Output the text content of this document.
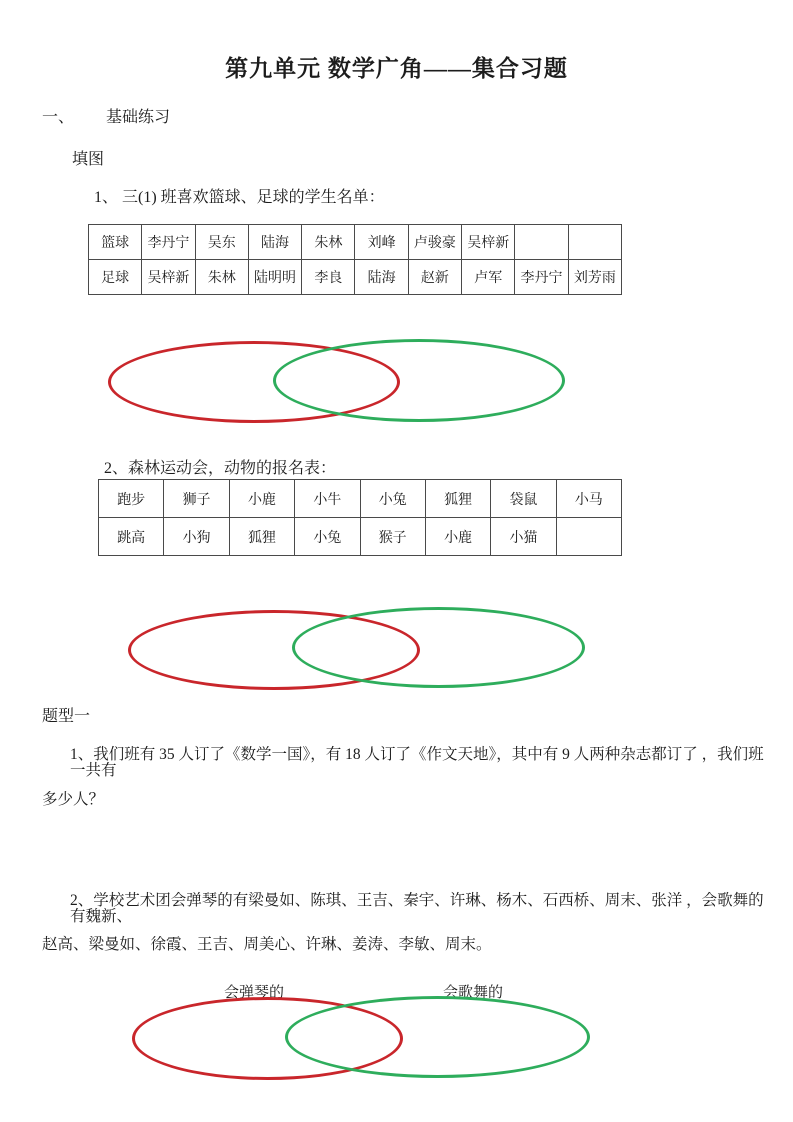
第九单元 数学广角——集合习题
一、 基础练习
填图
1、 三(1) 班喜欢篮球、足球的学生名单：
篮球	李丹宁	吴东	陆海	朱林	刘峰	卢骏豪	吴梓新		
足球	吴梓新	朱林	陆明明	李良	陆海	赵新	卢军	李丹宁	刘芳雨
2、森林运动会，动物的报名表：
跑步	狮子	小鹿	小牛	小兔	狐狸	袋鼠	小马
跳高	小狗	狐狸	小兔	猴子	小鹿	小猫	
题型一
1、我们班有 35 人订了《数学一国》，有 18 人订了《作文天地》，其中有 9 人两种杂志都订了 ，我们班一共有
多少人？
2、学校艺术团会弹琴的有梁曼如、陈琪、王吉、秦宇、许琳、杨木、石西桥、周末、张洋 ，会歌舞的有魏新、
赵高、梁曼如、徐霞、王吉、周美心、许琳、姜涛、李敏、周末。
会弹琴的	会歌舞的
